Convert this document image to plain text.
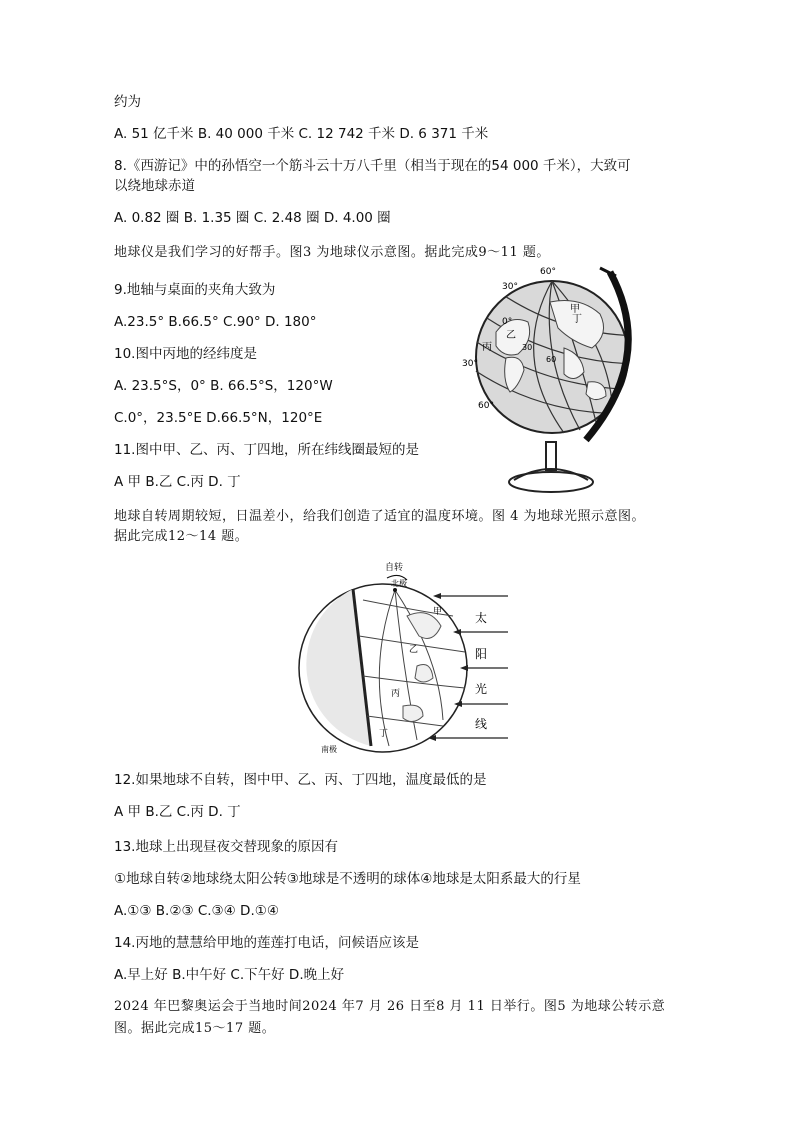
约为
A. 51 亿千米 B. 40 000 千米 C. 12 742 千米 D. 6 371 千米
8.《西游记》中的孙悟空一个筋斗云十万八千里（相当于现在的54 000 千米），大致可
以绕地球赤道
A. 0.82 圈 B. 1.35 圈 C. 2.48 圈 D. 4.00 圈
地球仪是我们学习的好帮手。图3 为地球仪示意图。据此完成9～11 题。
9.地轴与桌面的夹角大致为
A.23.5° B.66.5° C.90° D. 180°
10.图中丙地的经纬度是
A. 23.5°S，0° B. 66.5°S，120°W
C.0°，23.5°E D.66.5°N，120°E
11.图中甲、乙、丙、丁四地，所在纬线圈最短的是
A 甲 B.乙 C.丙 D. 丁
地球自转周期较短，日温差小，给我们创造了适宜的温度环境。图 4 为地球光照示意图。
据此完成12～14 题。
12.如果地球不自转，图中甲、乙、丙、丁四地，温度最低的是
A 甲 B.乙 C.丙 D. 丁
13.地球上出现昼夜交替现象的原因有
①地球自转②地球绕太阳公转③地球是不透明的球体④地球是太阳系最大的行星
A.①③ B.②③ C.③④ D.①④
14.丙地的慧慧给甲地的莲莲打电话，问候语应该是
A.早上好 B.中午好 C.下午好 D.晚上好
2024 年巴黎奥运会于当地时间2024 年7 月 26 日至8 月 11 日举行。图5 为地球公转示意
图。据此完成15～17 题。
60°
30°
0°
30°
60°
甲
乙
丙
丁
30
60
自转
北极
南极
甲
乙
丙
丁
太
阳
光
线
